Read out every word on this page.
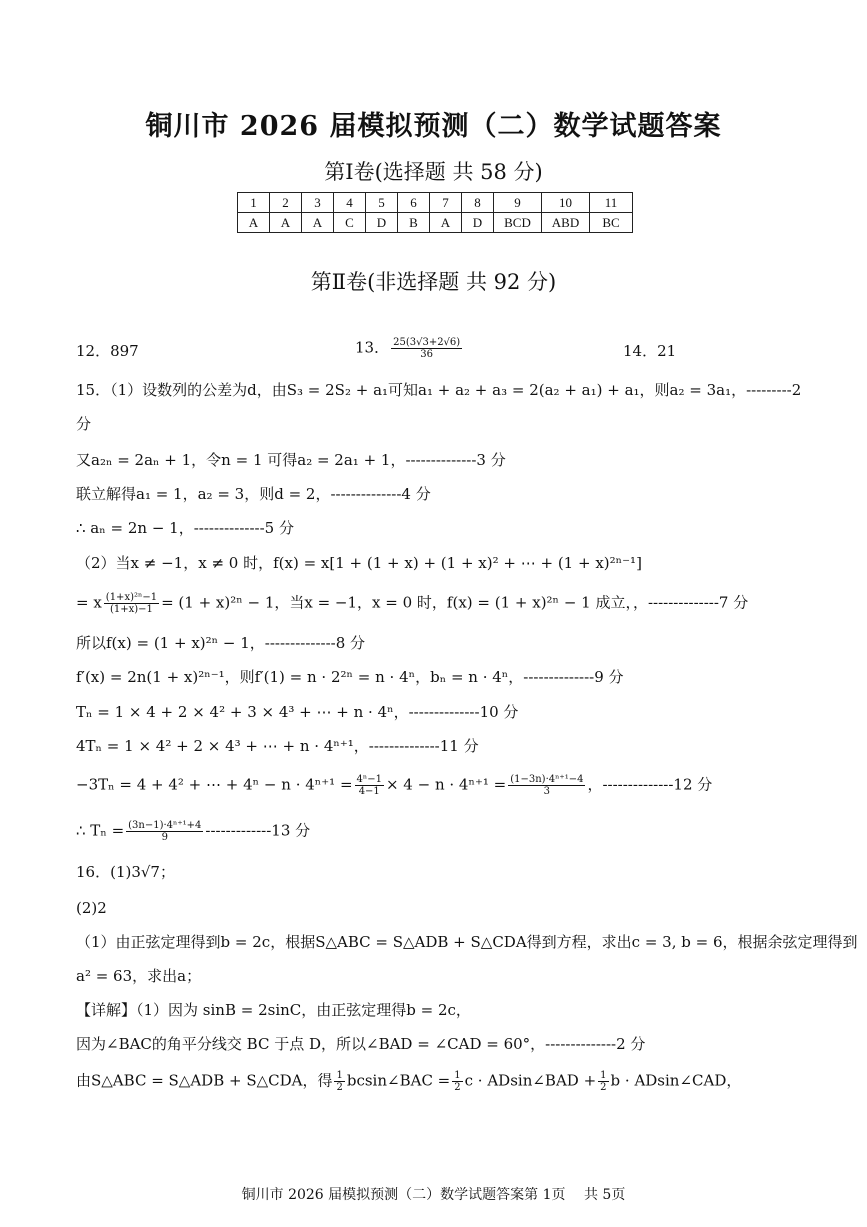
铜川市 2026 届模拟预测（二）数学试题答案
第Ⅰ卷(选择题 共 58 分)
1	2	3	4	5	6	7	8	9	10	11
A	A	A	C	D	B	A	D	BCD	ABD	BC
第Ⅱ卷(非选择题 共 92 分)
12．897	13． $\frac{25(3√3+2√6)}{36}$	14．21
15．（1）设数列的公差为d，由S₃ = 2S₂ + a₁可知a₁ + a₂ + a₃ = 2(a₂ + a₁) + a₁，则a₂ = 3a₁，---------2
分
又a₂ₙ = 2aₙ + 1，令n = 1 可得a₂ = 2a₁ + 1，--------------3 分
联立解得a₁ = 1，a₂ = 3，则d = 2，--------------4 分
∴ aₙ = 2n − 1，--------------5 分
（2）当x ≠ −1，x ≠ 0 时，f(x) = x[1 + (1 + x) + (1 + x)² + ⋯ + (1 + x)²ⁿ⁻¹]
= x $\frac{\text{(1+x)²ⁿ−1}}{(1+x)-1} = (1 + x)^{2n} - 1$，当x = −1，x = 0 时，f(x) = (1 + x)²ⁿ − 1 成立，，--------------7 分
所以f(x) = (1 + x)²ⁿ − 1，--------------8 分
f′(x) = 2n(1 + x)²ⁿ⁻¹，则f′(1) = n · 2²ⁿ = n · 4ⁿ，bₙ = n · 4ⁿ，--------------9 分
Tₙ = 1 × 4 + 2 × 4² + 3 × 4³ + ⋯ + n · 4ⁿ，--------------10 分
4Tₙ = 1 × 4² + 2 × 4³ + ⋯ + n · 4ⁿ⁺¹，--------------11 分
−3Tₙ = 4 + 4² + ⋯ + $4^n - n \cdot 4^{n+1} = \frac{\text{4ⁿ−1}}{4-1} \times 4 - n \cdot 4^{n+1} = \frac{\text{(1−3n)·4ⁿ⁺¹−4}}{3}$ ，--------------12 分
∴ $T_n = \frac{\text{(3n−1)·4ⁿ⁺¹+4}}{9} -------------13$ 分
16．(1)3√7；
(2)2
（1）由正弦定理得到b = 2c，根据S△ABC = S△ADB + S△CDA得到方程，求出c = 3, b = 6，根据余弦定理得到
a² = 63，求出a；
【详解】（1）因为 sinB = 2sinC，由正弦定理得b = 2c，
因为∠BAC的角平分线交 BC 于点 D，所以∠BAD = ∠CAD = 60°，--------------2 分
由S△ABC = S△ADB + S△CDA，得 $\frac{1}{2}$ bcsin∠BAC = $\frac{1}{2}$ c · ADsin∠BAD + $\frac{1}{2}$ b · ADsin∠CAD，
铜川市 2026 届模拟预测（二）数学试题答案第 1页　 共 5页
